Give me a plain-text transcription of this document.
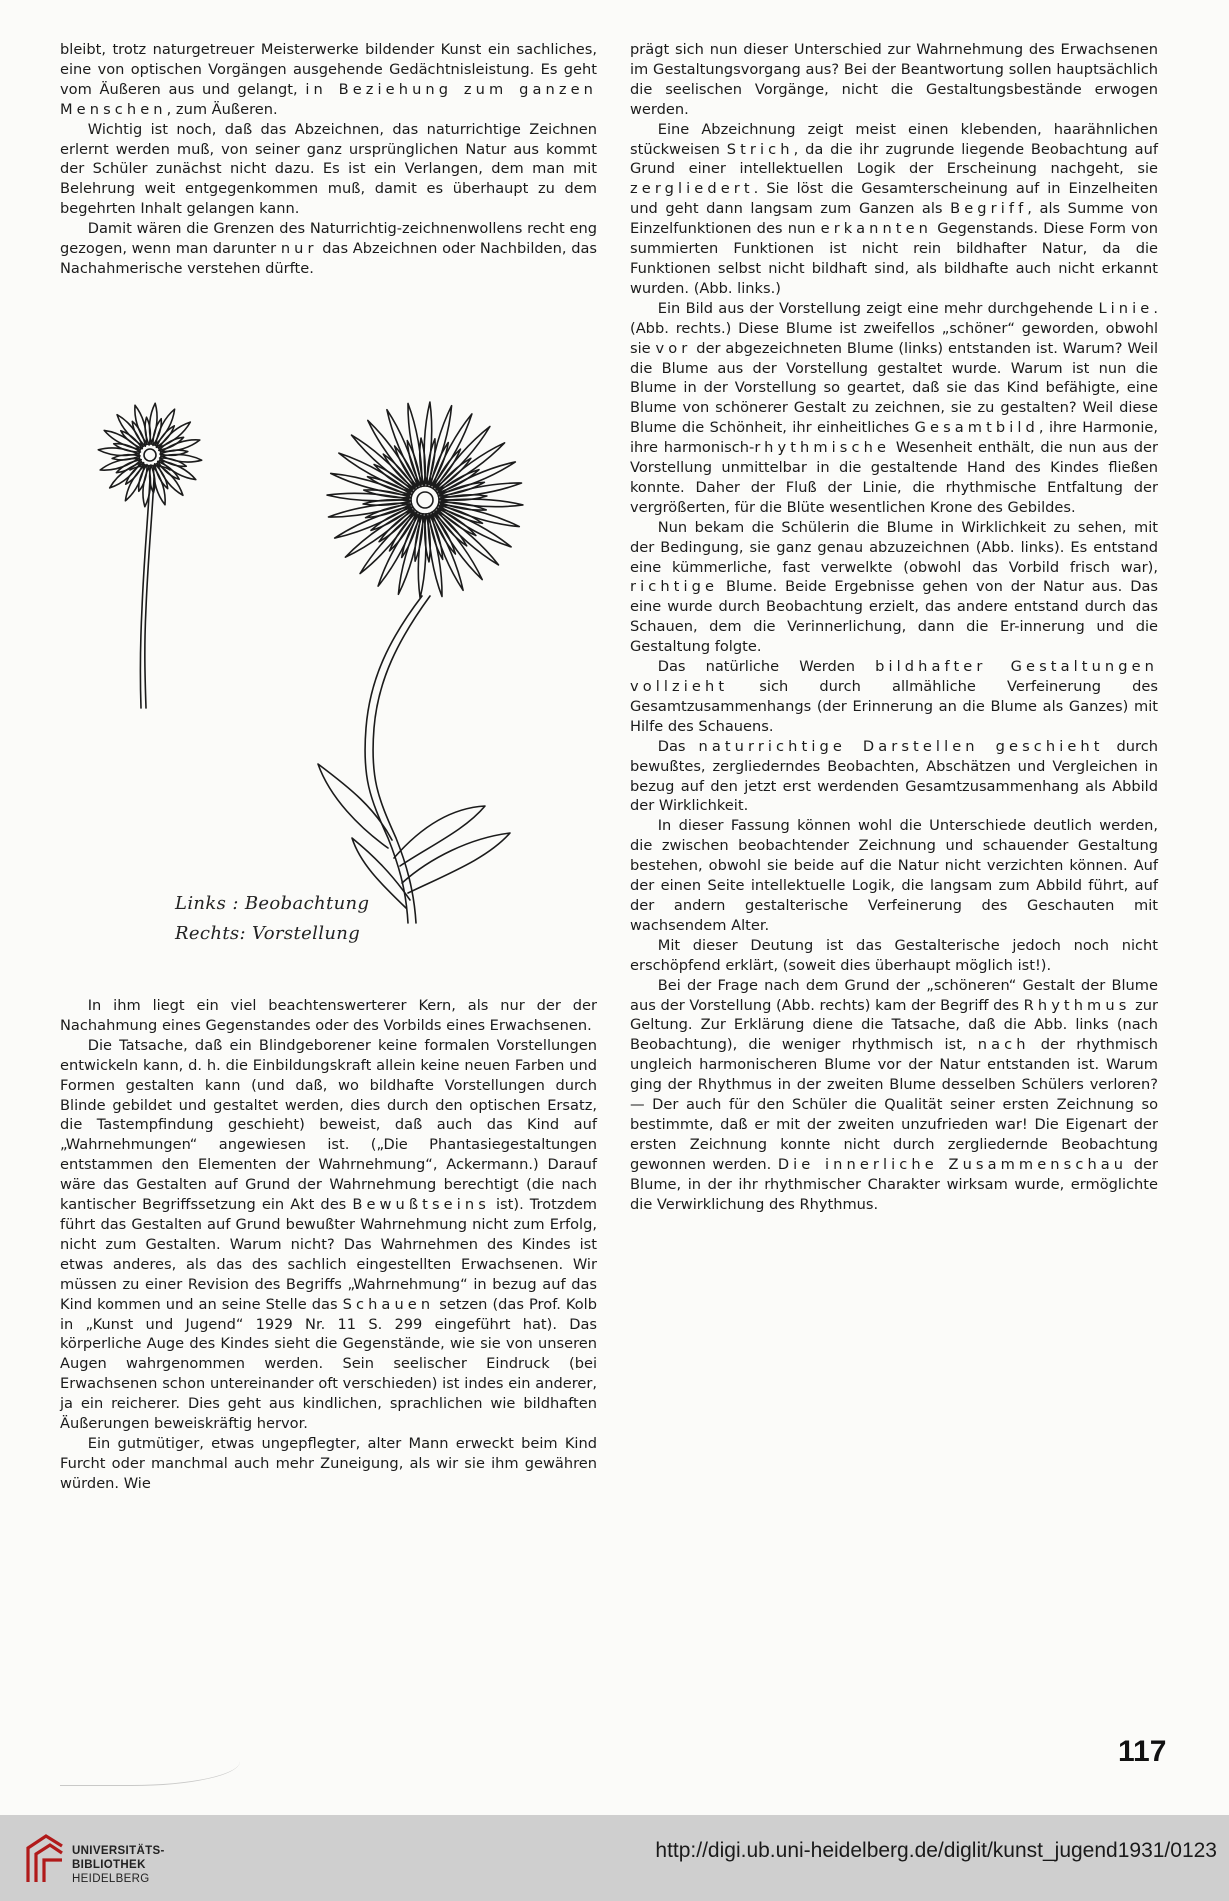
bleibt, trotz naturgetreuer Meisterwerke bildender Kunst ein sachliches, eine von optischen Vorgängen ausgehende Gedächtnisleistung. Es geht vom Äußeren aus und gelangt, in Beziehung zum ganzen Menschen, zum Äußeren.

Wichtig ist noch, daß das Abzeichnen, das naturrichtige Zeichnen erlernt werden muß, von seiner ganz ursprünglichen Natur aus kommt der Schüler zunächst nicht dazu. Es ist ein Verlangen, dem man mit Belehrung weit entgegenkommen muß, damit es überhaupt zu dem begehrten Inhalt gelangen kann.

Damit wären die Grenzen des Naturrichtig-zeichnenwollens recht eng gezogen, wenn man darunter nur das Abzeichnen oder Nachbilden, das Nachahmerische verstehen dürfte.

Links : Beobachtung
Rechts: Vorstellung

In ihm liegt ein viel beachtenswerterer Kern, als nur der der Nachahmung eines Gegenstandes oder des Vorbilds eines Erwachsenen.

Die Tatsache, daß ein Blindgeborener keine formalen Vorstellungen entwickeln kann, d. h. die Einbildungskraft allein keine neuen Farben und Formen gestalten kann (und daß, wo bildhafte Vorstellungen durch Blinde gebildet und gestaltet werden, dies durch den optischen Ersatz, die Tastempfindung geschieht) beweist, daß auch das Kind auf „Wahrnehmungen“ angewiesen ist. („Die Phantasiegestaltungen entstammen den Elementen der Wahrnehmung“, Ackermann.) Darauf wäre das Gestalten auf Grund der Wahrnehmung berechtigt (die nach kantischer Begriffssetzung ein Akt des Bewußtseins ist). Trotzdem führt das Gestalten auf Grund bewußter Wahrnehmung nicht zum Erfolg, nicht zum Gestalten. Warum nicht? Das Wahrnehmen des Kindes ist etwas anderes, als das des sachlich eingestellten Erwachsenen. Wir müssen zu einer Revision des Begriffs „Wahrnehmung“ in bezug auf das Kind kommen und an seine Stelle das Schauen setzen (das Prof. Kolb in „Kunst und Jugend“ 1929 Nr. 11 S. 299 eingeführt hat). Das körperliche Auge des Kindes sieht die Gegenstände, wie sie von unseren Augen wahrgenommen werden. Sein seelischer Eindruck (bei Erwachsenen schon untereinander oft verschieden) ist indes ein anderer, ja ein reicherer. Dies geht aus kindlichen, sprachlichen wie bildhaften Äußerungen beweiskräftig hervor.

Ein gutmütiger, etwas ungepflegter, alter Mann erweckt beim Kind Furcht oder manchmal auch mehr Zuneigung, als wir sie ihm gewähren würden. Wie

prägt sich nun dieser Unterschied zur Wahrnehmung des Erwachsenen im Gestaltungsvorgang aus? Bei der Beantwortung sollen hauptsächlich die seelischen Vorgänge, nicht die Gestaltungsbestände erwogen werden.

Eine Abzeichnung zeigt meist einen klebenden, haarähnlichen stückweisen Strich, da die ihr zugrunde liegende Beobachtung auf Grund einer intellektuellen Logik der Erscheinung nachgeht, sie zergliedert. Sie löst die Gesamterscheinung auf in Einzelheiten und geht dann langsam zum Ganzen als Begriff, als Summe von Einzelfunktionen des nun erkannten Gegenstands. Diese Form von summierten Funktionen ist nicht rein bildhafter Natur, da die Funktionen selbst nicht bildhaft sind, als bildhafte auch nicht erkannt wurden. (Abb. links.)

Ein Bild aus der Vorstellung zeigt eine mehr durchgehende Linie. (Abb. rechts.) Diese Blume ist zweifellos „schöner“ geworden, obwohl sie vor der abgezeichneten Blume (links) entstanden ist. Warum? Weil die Blume aus der Vorstellung gestaltet wurde. Warum ist nun die Blume in der Vorstellung so geartet, daß sie das Kind befähigte, eine Blume von schönerer Gestalt zu zeichnen, sie zu gestalten? Weil diese Blume die Schönheit, ihr einheitliches Gesamtbild, ihre Harmonie, ihre harmonisch-rhythmische Wesenheit enthält, die nun aus der Vorstellung unmittelbar in die gestaltende Hand des Kindes fließen konnte. Daher der Fluß der Linie, die rhythmische Entfaltung der vergrößerten, für die Blüte wesentlichen Krone des Gebildes.

Nun bekam die Schülerin die Blume in Wirklichkeit zu sehen, mit der Bedingung, sie ganz genau abzuzeichnen (Abb. links). Es entstand eine kümmerliche, fast verwelkte (obwohl das Vorbild frisch war), richtige Blume. Beide Ergebnisse gehen von der Natur aus. Das eine wurde durch Beobachtung erzielt, das andere entstand durch das Schauen, dem die Verinnerlichung, dann die Er-innerung und die Gestaltung folgte.

Das natürliche Werden bildhafter Gestaltungen vollzieht sich durch allmähliche Verfeinerung des Gesamtzusammenhangs (der Erinnerung an die Blume als Ganzes) mit Hilfe des Schauens.

Das naturrichtige Darstellen geschieht durch bewußtes, zergliederndes Beobachten, Abschätzen und Vergleichen in bezug auf den jetzt erst werdenden Gesamtzusammenhang als Abbild der Wirklichkeit.

In dieser Fassung können wohl die Unterschiede deutlich werden, die zwischen beobachtender Zeichnung und schauender Gestaltung bestehen, obwohl sie beide auf die Natur nicht verzichten können. Auf der einen Seite intellektuelle Logik, die langsam zum Abbild führt, auf der andern gestalterische Verfeinerung des Geschauten mit wachsendem Alter.

Mit dieser Deutung ist das Gestalterische jedoch noch nicht erschöpfend erklärt, (soweit dies überhaupt möglich ist!).

Bei der Frage nach dem Grund der „schöneren“ Gestalt der Blume aus der Vorstellung (Abb. rechts) kam der Begriff des Rhythmus zur Geltung. Zur Erklärung diene die Tatsache, daß die Abb. links (nach Beobachtung), die weniger rhythmisch ist, nach der rhythmisch ungleich harmonischeren Blume vor der Natur entstanden ist. Warum ging der Rhythmus in der zweiten Blume desselben Schülers verloren? — Der auch für den Schüler die Qualität seiner ersten Zeichnung so bestimmte, daß er mit der zweiten unzufrieden war! Die Eigenart der ersten Zeichnung konnte nicht durch zergliedernde Beobachtung gewonnen werden. Die innerliche Zusammenschau der Blume, in der ihr rhythmischer Charakter wirksam wurde, ermöglichte die Verwirklichung des Rhythmus.

117
UNIVERSITÄTS-
BIBLIOTHEK
HEIDELBERG
http://digi.ub.uni-heidelberg.de/diglit/kunst_jugend1931/0123
